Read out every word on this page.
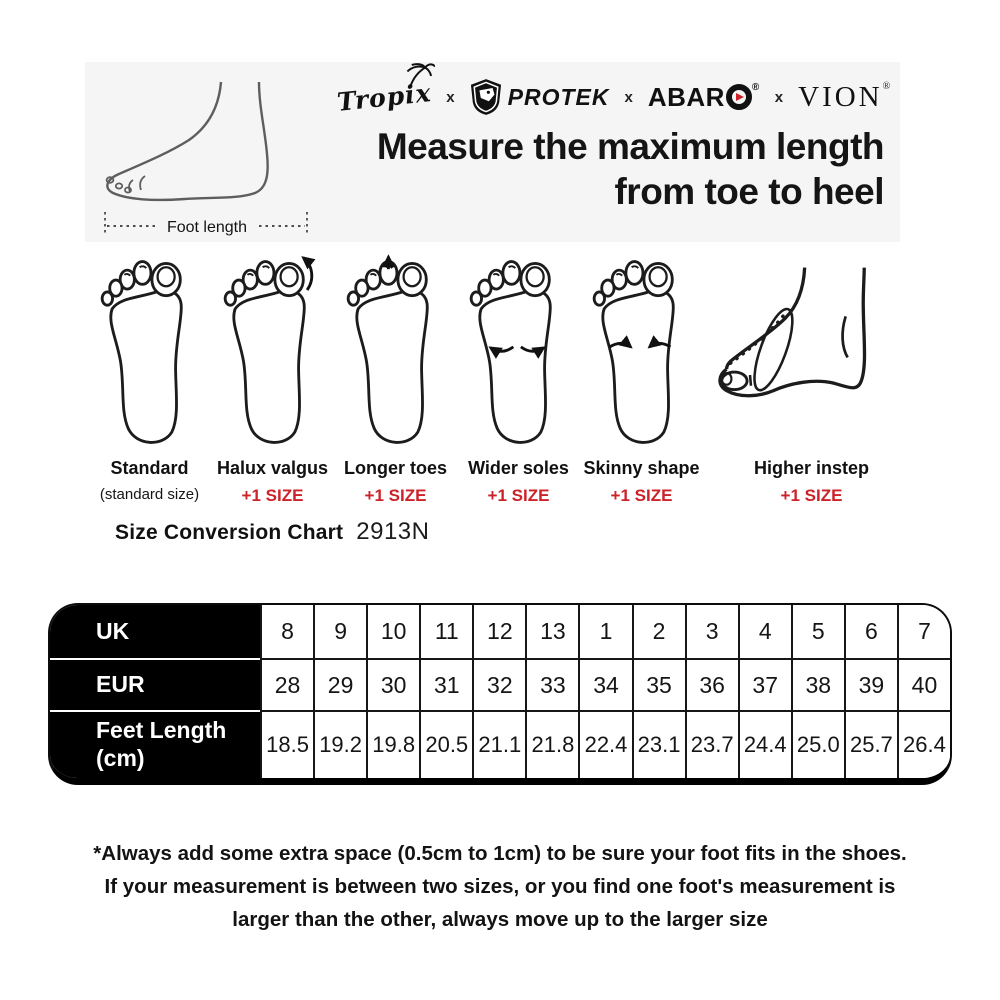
Foot length
Tropix x PROTEK x ABAR	®
x VION ®
Measure the maximum length
from toe to heel
Standard
(standard size)
Halux valgus
+1 SIZE
Longer toes
+1 SIZE
Wider soles
+1 SIZE
Skinny shape
+1 SIZE
Higher instep
+1 SIZE
Size Conversion Chart 2913N
UK	8	9	10	11	12	13	1	2	3	4	5	6	7
EUR	28	29	30	31	32	33	34	35	36	37	38	39	40
Feet Length
(cm)
18.5 19.2 19.8 20.5 21.1 21.8 22.4 23.1 23.7 24.4 25.0 25.7 26.4
*Always add some extra space (0.5cm to 1cm) to be sure your foot fits in the shoes.
If your measurement is between two sizes, or you find one foot's measurement is
larger than the other, always move up to the larger size
